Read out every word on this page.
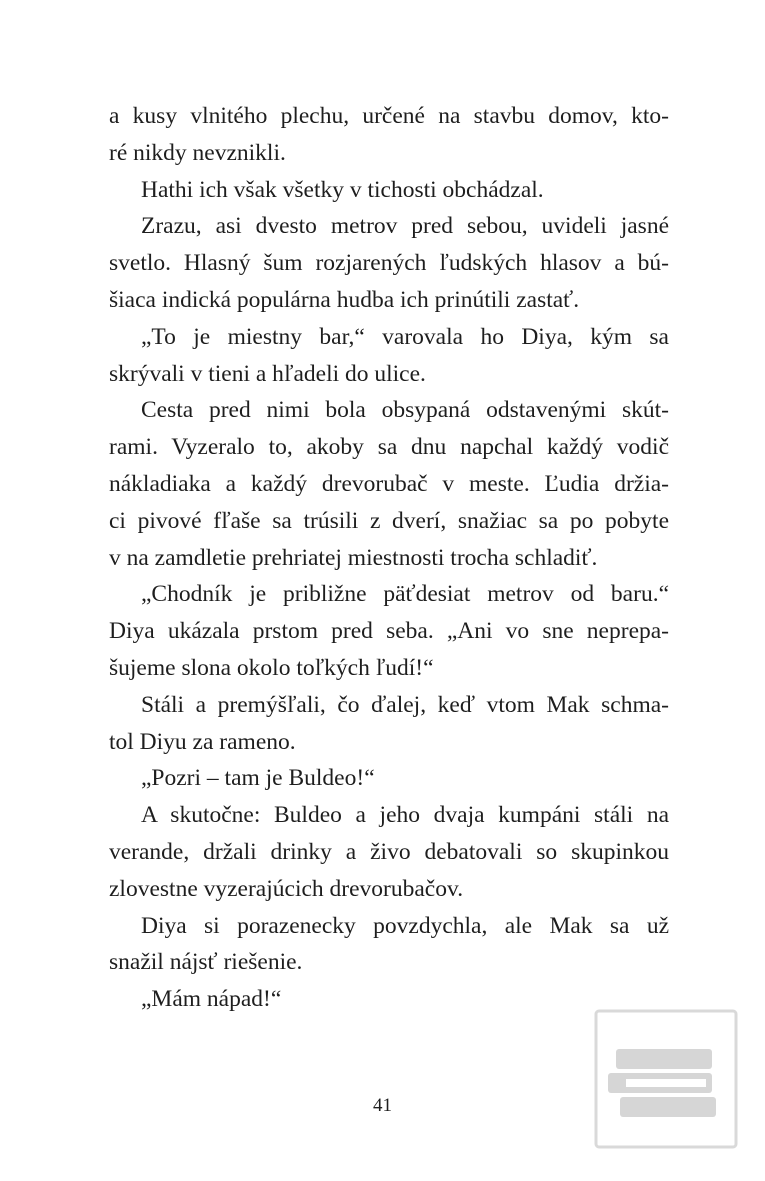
a kusy vlnitého plechu, určené na stavbu domov, kto-
ré nikdy nevznikli.
Hathi ich však všetky v tichosti obchádzal.
Zrazu, asi dvesto metrov pred sebou, uvideli jasné
svetlo. Hlasný šum rozjarených ľudských hlasov a bú-
šiaca indická populárna hudba ich prinútili zastať.
„To je miestny bar,“ varovala ho Diya, kým sa
skrývali v tieni a hľadeli do ulice.
Cesta pred nimi bola obsypaná odstavenými skút-
rami. Vyzeralo to, akoby sa dnu napchal každý vodič
nákladiaka a každý drevorubač v meste. Ľudia držia-
ci pivové fľaše sa trúsili z dverí, snažiac sa po pobyte
v na zamdletie prehriatej miestnosti trocha schladiť.
„Chodník je približne päťdesiat metrov od baru.“
Diya ukázala prstom pred seba. „Ani vo sne neprepa-
šujeme slona okolo toľkých ľudí!“
Stáli a premýšľali, čo ďalej, keď vtom Mak schma-
tol Diyu za rameno.
„Pozri – tam je Buldeo!“
A skutočne: Buldeo a jeho dvaja kumpáni stáli na
verande, držali drinky a živo debatovali so skupinkou
zlovestne vyzerajúcich drevorubačov.
Diya si porazenecky povzdychla, ale Mak sa už
snažil nájsť riešenie.
„Mám nápad!“
41
